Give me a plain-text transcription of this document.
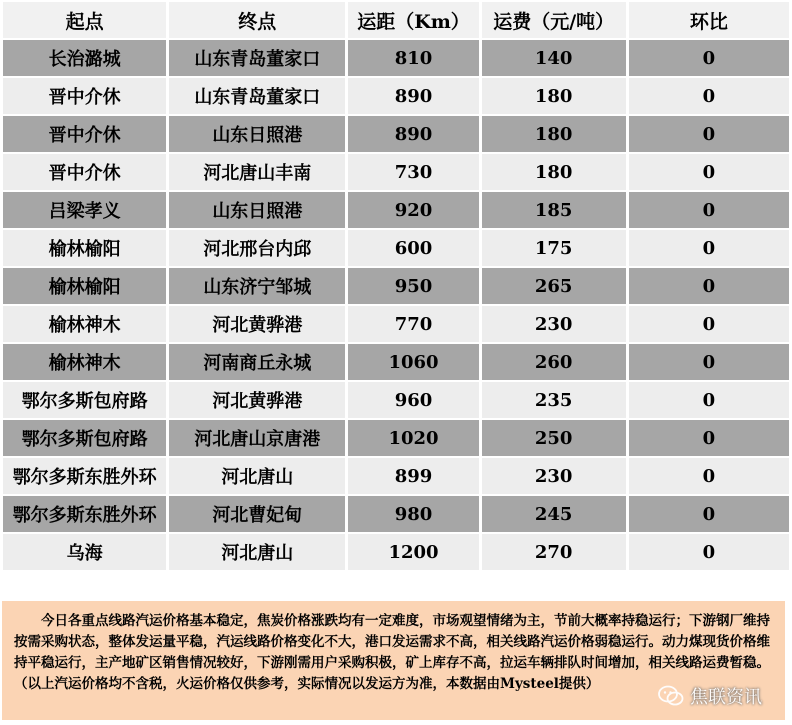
起点	终点	运距（Km）	运费（元/吨）	环比
长治潞城	山东青岛董家口	810	140	0
晋中介休	山东青岛董家口	890	180	0
晋中介休	山东日照港	890	180	0
晋中介休	河北唐山丰南	730	180	0
吕梁孝义	山东日照港	920	185	0
榆林榆阳	河北邢台内邱	600	175	0
榆林榆阳	山东济宁邹城	950	265	0
榆林神木	河北黄骅港	770	230	0
榆林神木	河南商丘永城	1060	260	0
鄂尔多斯包府路	河北黄骅港	960	235	0
鄂尔多斯包府路	河北唐山京唐港	1020	250	0
鄂尔多斯东胜外环	河北唐山	899	230	0
鄂尔多斯东胜外环	河北曹妃甸	980	245	0
乌海	河北唐山	1200	270	0
今日各重点线路汽运价格基本稳定，焦炭价格涨跌均有一定难度，市场观望情绪为主，节前大概率持稳运行；下游钢厂维持按需采购状态，整体发运量平稳，汽运线路价格变化不大，港口发运需求不高，相关线路汽运价格弱稳运行。动力煤现货价格维持平稳运行，主产地矿区销售情况较好，下游刚需用户采购积极，矿上库存不高，拉运车辆排队时间增加，相关线路运费暂稳。（以上汽运价格均不含税，火运价格仅供参考，实际情况以发运方为准，本数据由Mysteel提供）
焦联资讯
